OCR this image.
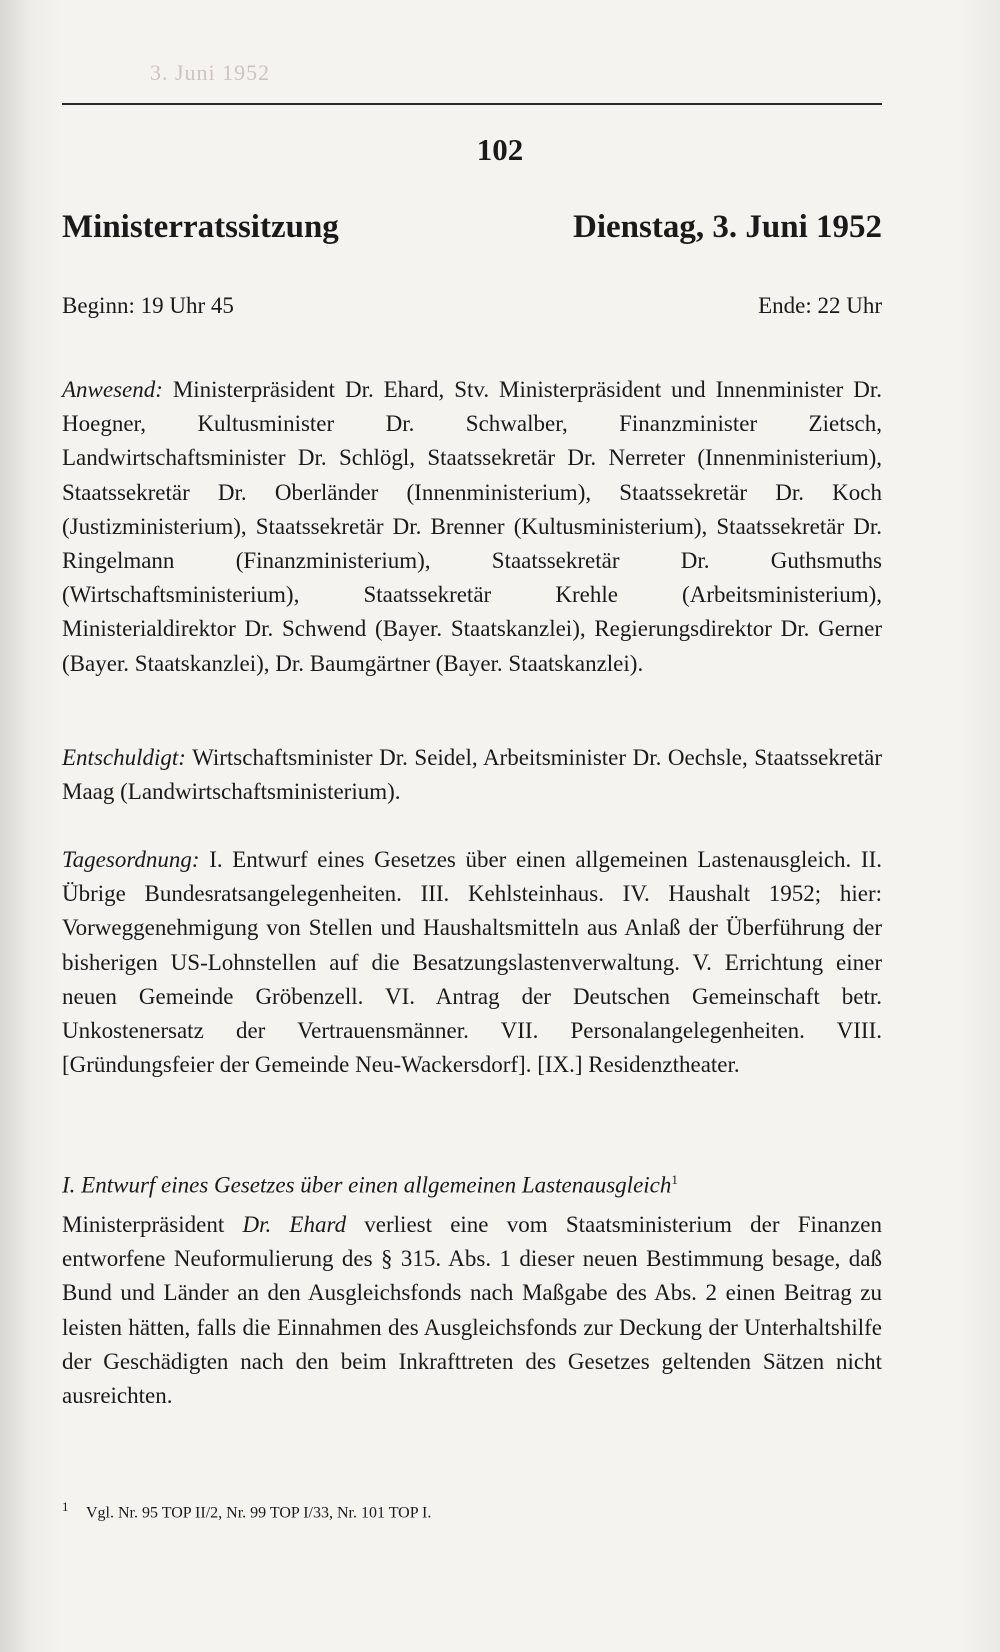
3. Juni 1952
102
Ministerratssitzung	Dienstag, 3. Juni 1952
Beginn: 19 Uhr 45	Ende: 22 Uhr
Anwesend: Ministerpräsident Dr. Ehard, Stv. Ministerpräsident und Innenminister Dr. Hoegner, Kultusminister Dr. Schwalber, Finanzminister Zietsch, Landwirtschaftsminister Dr. Schlögl, Staatssekretär Dr. Nerreter (Innenministerium), Staatssekretär Dr. Oberländer (Innenministerium), Staatssekretär Dr. Koch (Justizministerium), Staatssekretär Dr. Brenner (Kultusministerium), Staatssekretär Dr. Ringelmann (Finanzministerium), Staatssekretär Dr. Guthsmuths (Wirtschaftsministerium), Staatssekretär Krehle (Arbeitsministerium), Ministerialdirektor Dr. Schwend (Bayer. Staatskanzlei), Regierungsdirektor Dr. Gerner (Bayer. Staatskanzlei), Dr. Baumgärtner (Bayer. Staatskanzlei).
Entschuldigt: Wirtschaftsminister Dr. Seidel, Arbeitsminister Dr. Oechsle, Staatssekretär Maag (Landwirtschaftsministerium).
Tagesordnung: I. Entwurf eines Gesetzes über einen allgemeinen Lastenausgleich. II. Übrige Bundesratsangelegenheiten. III. Kehlsteinhaus. IV. Haushalt 1952; hier: Vorweggenehmigung von Stellen und Haushaltsmitteln aus Anlaß der Überführung der bisherigen US-Lohnstellen auf die Besatzungslastenverwaltung. V. Errichtung einer neuen Gemeinde Gröbenzell. VI. Antrag der Deutschen Gemeinschaft betr. Unkostenersatz der Vertrauensmänner. VII. Personalangelegenheiten. VIII. [Gründungsfeier der Gemeinde Neu-Wackersdorf]. [IX.] Residenztheater.
I. Entwurf eines Gesetzes über einen allgemeinen Lastenausgleich$^1$
Ministerpräsident Dr. Ehard verliest eine vom Staatsministerium der Finanzen entworfene Neuformulierung des § 315. Abs. 1 dieser neuen Bestimmung besage, daß Bund und Länder an den Ausgleichsfonds nach Maßgabe des Abs. 2 einen Beitrag zu leisten hätten, falls die Einnahmen des Ausgleichsfonds zur Deckung der Unterhaltshilfe der Geschädigten nach den beim Inkrafttreten des Gesetzes geltenden Sätzen nicht ausreichten.
$^1$ Vgl. Nr. 95 TOP II/2, Nr. 99 TOP I/33, Nr. 101 TOP I.
